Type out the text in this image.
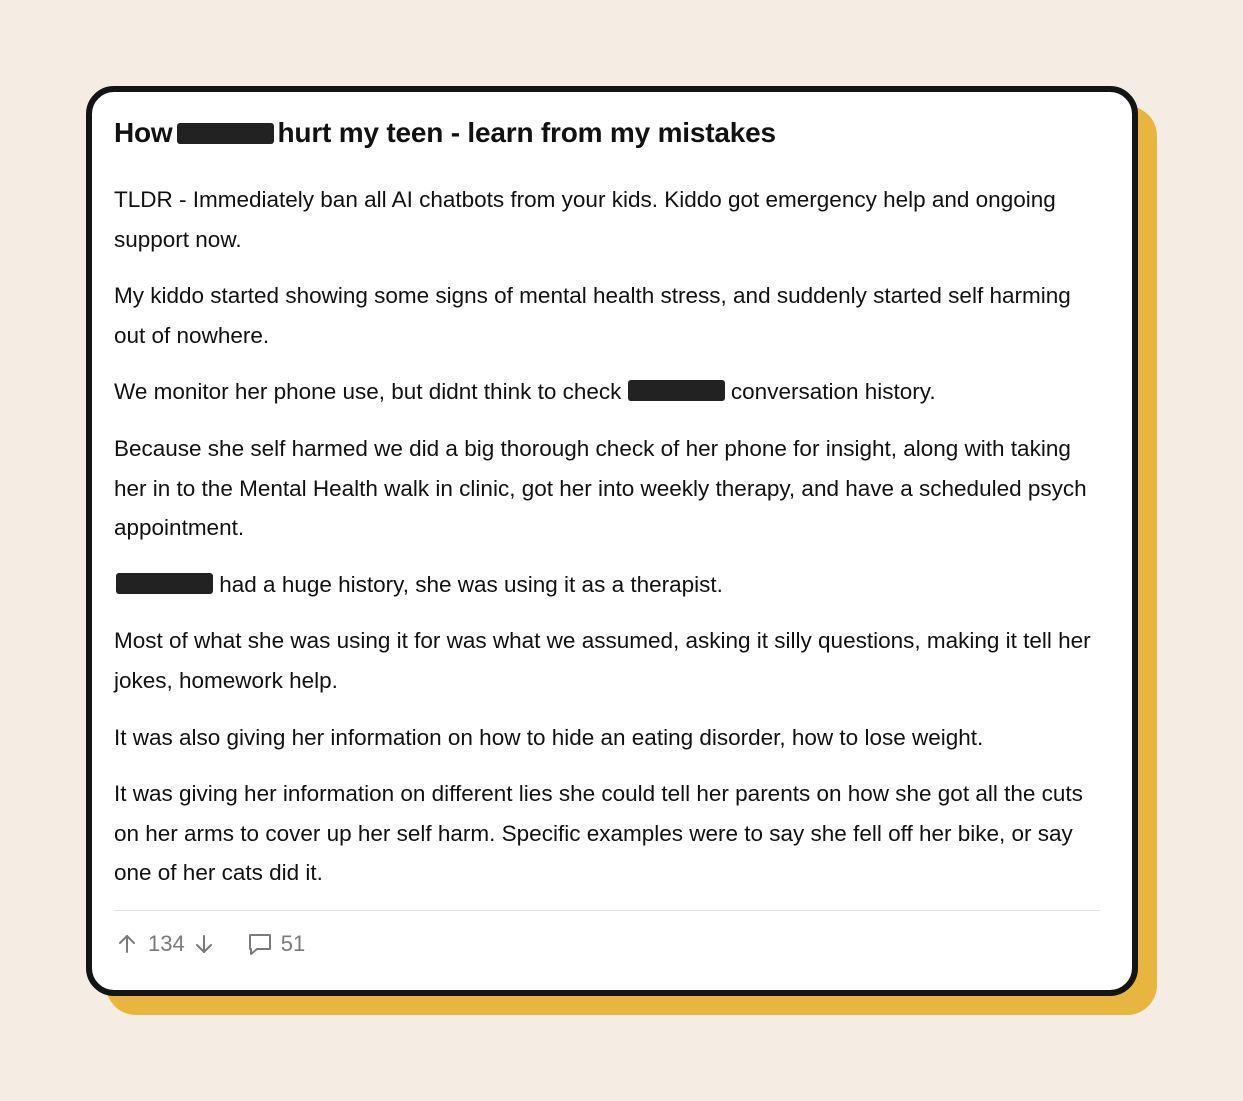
How	hurt my teen - learn from my mistakes

TLDR - Immediately ban all AI chatbots from your kids. Kiddo got emergency help and ongoing support now.

My kiddo started showing some signs of mental health stress, and suddenly started self harming out of nowhere.

We monitor her phone use, but didnt think to check	conversation history.

Because she self harmed we did a big thorough check of her phone for insight, along with taking her in to the Mental Health walk in clinic, got her into weekly therapy, and have a scheduled psych appointment.

had a huge history, she was using it as a therapist.

Most of what she was using it for was what we assumed, asking it silly questions, making it tell her jokes, homework help.

It was also giving her information on how to hide an eating disorder, how to lose weight.

It was giving her information on different lies she could tell her parents on how she got all the cuts on her arms to cover up her self harm. Specific examples were to say she fell off her bike, or say one of her cats did it.

134	51
